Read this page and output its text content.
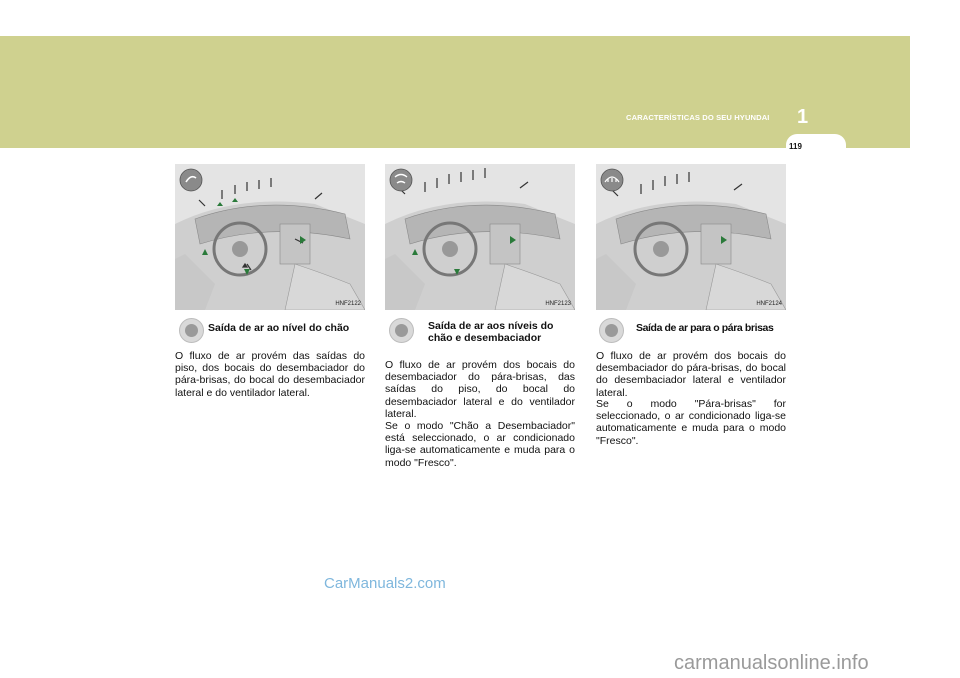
CARACTERÍSTICAS DO SEU HYUNDAI 1
119
HNF2122	HNF2123	HNF2124
Saída de ar ao nível do chão
O fluxo de ar provém das saídas do piso, dos bocais do desembaciador do pára-brisas, do bocal do desembaciador lateral e do ventilador lateral.
Saída de ar aos níveis do
chão e desembaciador
O fluxo de ar provém dos bocais do desembaciador do pára-brisas, das saídas do piso, do bocal do desembaciador lateral e do ventilador lateral.
Se o modo "Chão a Desembaciador" está seleccionado, o ar condicionado liga-se automaticamente e muda para o modo "Fresco".
Saída de ar para o pára brisas
O fluxo de ar provém dos bocais do desembaciador do pára-brisas, do bocal do desembaciador lateral e ventilador lateral.
Se o modo "Pára-brisas" for seleccionado, o ar condicionado liga-se automaticamente e muda para o modo "Fresco".
CarManuals2.com
carmanualsonline.info
